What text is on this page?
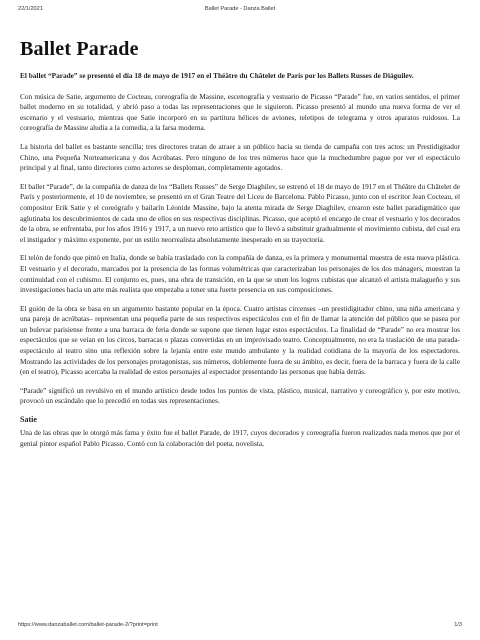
22/1/2021	Ballet Parade - Danza Ballet
Ballet Parade

El ballet “Parade” se presentó el día 18 de mayo de 1917 en el Théâtre du Châtelet de París por los Ballets Russes de Diáguilev.

Con música de Satie, argumento de Cocteau, coreografía de Massine, escenografía y vestuario de Picasso “Parade” fue, en varios sentidos, el primer ballet moderno en su totalidad, y abrió paso a todas las representaciones que le siguieron. Picasso presentó al mundo una nueva forma de ver el escenario y el vestuario, mientras que Satie incorporó en su partitura hélices de aviones, teletipos de telegrama y otros aparatos ruidosos. La coreografía de Massine aludía a la comedia, a la farsa moderna.

La historia del ballet es bastante sencilla; tres directores tratan de atraer a un público hacia su tienda de campaña con tres actos: un Prestidigitador Chino, una Pequeña Norteamericana y dos Acróbatas. Pero ninguno de los tres números hace que la muchedumbre pague por ver el espectáculo principal y al final, tanto directores como actores se desploman, completamente agotados.

El ballet “Parade”, de la compañía de danza de los “Ballets Russes” de Serge Diaghilev, se estrenó el 18 de mayo de 1917 en el Théâtre du Châtelet de París y posteriormente, el 10 de noviembre, se presentó en el Gran Teatre del Liceu de Barcelona. Pablo Picasso, junto con el escritor Jean Cocteau, el compositor Erik Satie y el coreógrafo y bailarín Léonide Massine, bajo la atenta mirada de Serge Diaghilev, crearon este ballet paradigmático que aglutinaba los descubrimientos de cada uno de ellos en sus respectivas disciplinas. Picasso, que aceptó el encargo de crear el vestuario y los decorados de la obra, se enfrentaba, por los años 1916 y 1917, a un nuevo reto artístico que lo llevó a substituir gradualmente el movimiento cubista, del cual era el instigador y máximo exponente, por un estilo neorrealista absolutamente inesperado en su trayectoria.

El telón de fondo que pintó en Italia, donde se había trasladado con la compañía de danza, es la primera y monumental muestra de esta nueva plástica. El vestuario y el decorado, marcados por la presencia de las formas volumétricas que caracterizaban los personajes de los dos mánagers, muestran la continuidad con el cubismo. El conjunto es, pues, una obra de transición, en la que se unen los logros cubistas que alcanzó el artista malagueño y sus investigaciones hacia un arte más realista que empezaba a tener una fuerte presencia en sus composiciones.

El guión de la obra se basa en un argumento bastante popular en la época. Cuatro artistas circenses –un prestidigitador chino, una niña americana y una pareja de acróbatas– representan una pequeña parte de sus respectivos espectáculos con el fin de llamar la atención del público que se pasea por un bulevar parisiense frente a una barraca de feria donde se supone que tienen lugar estos espectáculos. La finalidad de “Parade” no era mostrar los espectáculos que se veían en los circos, barracas o plazas convertidas en un improvisado teatro. Conceptualmente, no era la traslación de una parada-espectáculo al teatro sino una reflexión sobre la lejanía entre este mundo ambulante y la realidad cotidiana de la mayoría de los espectadores. Mostrando las actividades de los personajes protagonistas, sus números, doblemente fuera de su ámbito, es decir, fuera de la barraca y fuera de la calle (en el teatro), Picasso acercaba la realidad de estos personajes al espectador presentando las personas que había detrás.

“Parade” significó un revulsivo en el mundo artístico desde todos los puntos de vista, plástico, musical, narrativo y coreográfico y, por este motivo, provocó un escándalo que lo precedió en todas sus representaciones.

Satie

Una de las obras que le otorgó más fama y éxito fue el ballet Parade, de 1917, cuyos decorados y coreografía fueron realizados nada menos que por el genial pintor español Pablo Picasso. Contó con la colaboración del poeta, novelista,

https://www.danzaballet.com/ballet-parade-2/?print=print	1/3
